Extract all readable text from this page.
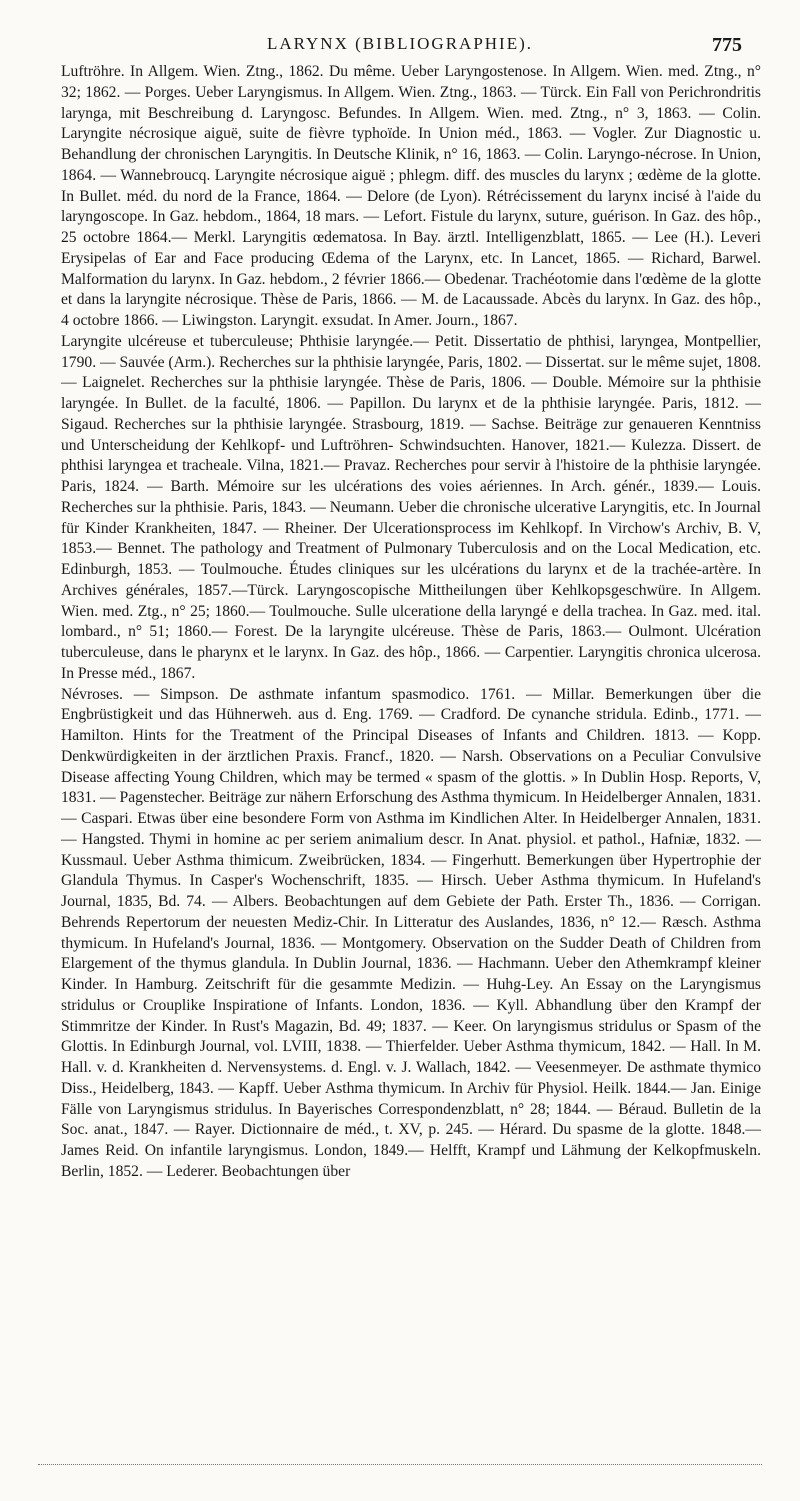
LARYNX (BIBLIOGRAPHIE).	775

Luftröhre. In Allgem. Wien. Ztng., 1862. Du même. Ueber Laryngostenose. In Allgem. Wien. med. Ztng., n° 32; 1862. — Porges. Ueber Laryngismus. In Allgem. Wien. Ztng., 1863. — Türck. Ein Fall von Perichrondritis larynga, mit Beschreibung d. Laryngosc. Befundes. In Allgem. Wien. med. Ztng., n° 3, 1863. — Colin. Laryngite nécrosique aiguë, suite de fièvre typhoïde. In Union méd., 1863. — Vogler. Zur Diagnostic u. Behandlung der chronischen Laryngitis. In Deutsche Klinik, n° 16, 1863. — Colin. Laryngo-nécrose. In Union, 1864. — Wannebroucq. Laryngite nécrosique aiguë ; phlegm. diff. des muscles du larynx ; œdème de la glotte. In Bullet. méd. du nord de la France, 1864. — Delore (de Lyon). Rétrécissement du larynx incisé à l'aide du laryngoscope. In Gaz. hebdom., 1864, 18 mars. — Lefort. Fistule du larynx, suture, guérison. In Gaz. des hôp., 25 octobre 1864.— Merkl. Laryngitis œdematosa. In Bay. ärztl. Intelligenzblatt, 1865. — Lee (H.). Leveri Erysipelas of Ear and Face producing Œdema of the Larynx, etc. In Lancet, 1865. — Richard, Barwel. Malformation du larynx. In Gaz. hebdom., 2 février 1866.— Obedenar. Trachéotomie dans l'œdème de la glotte et dans la laryngite nécrosique. Thèse de Paris, 1866. — M. de Lacaussade. Abcès du larynx. In Gaz. des hôp., 4 octobre 1866. — Liwingston. Laryngit. exsudat. In Amer. Journ., 1867.

Laryngite ulcéreuse et tuberculeuse; Phthisie laryngée.— Petit. Dissertatio de phthisi, laryngea, Montpellier, 1790. — Sauvée (Arm.). Recherches sur la phthisie laryngée, Paris, 1802. — Dissertat. sur le même sujet, 1808. — Laignelet. Recherches sur la phthisie laryngée. Thèse de Paris, 1806. — Double. Mémoire sur la phthisie laryngée. In Bullet. de la faculté, 1806. — Papillon. Du larynx et de la phthisie laryngée. Paris, 1812. — Sigaud. Recherches sur la phthisie laryngée. Strasbourg, 1819. — Sachse. Beiträge zur genaueren Kenntniss und Unterscheidung der Kehlkopf- und Luftröhren- Schwindsuchten. Hanover, 1821.— Kulezza. Dissert. de phthisi laryngea et tracheale. Vilna, 1821.— Pravaz. Recherches pour servir à l'histoire de la phthisie laryngée. Paris, 1824. — Barth. Mémoire sur les ulcérations des voies aériennes. In Arch. génér., 1839.— Louis. Recherches sur la phthisie. Paris, 1843. — Neumann. Ueber die chronische ulcerative Laryngitis, etc. In Journal für Kinder Krankheiten, 1847. — Rheiner. Der Ulcerationsprocess im Kehlkopf. In Virchow's Archiv, B. V, 1853.— Bennet. The pathology and Treatment of Pulmonary Tuberculosis and on the Local Medication, etc. Edinburgh, 1853. — Toulmouche. Études cliniques sur les ulcérations du larynx et de la trachée-artère. In Archives générales, 1857.—Türck. Laryngoscopische Mittheilungen über Kehlkopsgeschwüre. In Allgem. Wien. med. Ztg., n° 25; 1860.— Toulmouche. Sulle ulceratione della laryngé e della trachea. In Gaz. med. ital. lombard., n° 51; 1860.— Forest. De la laryngite ulcéreuse. Thèse de Paris, 1863.— Oulmont. Ulcération tuberculeuse, dans le pharynx et le larynx. In Gaz. des hôp., 1866. — Carpentier. Laryngitis chronica ulcerosa. In Presse méd., 1867.

Névroses. — Simpson. De asthmate infantum spasmodico. 1761. — Millar. Bemerkungen über die Engbrüstigkeit und das Hühnerweh. aus d. Eng. 1769. — Cradford. De cynanche stridula. Edinb., 1771. —Hamilton. Hints for the Treatment of the Principal Diseases of Infants and Children. 1813. — Kopp. Denkwürdigkeiten in der ärztlichen Praxis. Francf., 1820. — Narsh. Observations on a Peculiar Convulsive Disease affecting Young Children, which may be termed « spasm of the glottis. » In Dublin Hosp. Reports, V, 1831. — Pagenstecher. Beiträge zur nähern Erforschung des Asthma thymicum. In Heidelberger Annalen, 1831. — Caspari. Etwas über eine besondere Form von Asthma im Kindlichen Alter. In Heidelberger Annalen, 1831.— Hangsted. Thymi in homine ac per seriem animalium descr. In Anat. physiol. et pathol., Hafniæ, 1832. — Kussmaul. Ueber Asthma thimicum. Zweibrücken, 1834. — Fingerhutt. Bemerkungen über Hypertrophie der Glandula Thymus. In Casper's Wochenschrift, 1835. — Hirsch. Ueber Asthma thymicum. In Hufeland's Journal, 1835, Bd. 74. — Albers. Beobachtungen auf dem Gebiete der Path. Erster Th., 1836. — Corrigan. Behrends Repertorum der neuesten Mediz-Chir. In Litteratur des Auslandes, 1836, n° 12.— Ræsch. Asthma thymicum. In Hufeland's Journal, 1836. — Montgomery. Observation on the Sudder Death of Children from Elargement of the thymus glandula. In Dublin Journal, 1836. — Hachmann. Ueber den Athemkrampf kleiner Kinder. In Hamburg. Zeitschrift für die gesammte Medizin. — Huhg-Ley. An Essay on the Laryngismus stridulus or Crouplike Inspiratione of Infants. London, 1836. — Kyll. Abhandlung über den Krampf der Stimmritze der Kinder. In Rust's Magazin, Bd. 49; 1837. — Keer. On laryngismus stridulus or Spasm of the Glottis. In Edinburgh Journal, vol. LVIII, 1838. — Thierfelder. Ueber Asthma thymicum, 1842. — Hall. In M. Hall. v. d. Krankheiten d. Nervensystems. d. Engl. v. J. Wallach, 1842. — Veesenmeyer. De asthmate thymico Diss., Heidelberg, 1843. — Kapff. Ueber Asthma thymicum. In Archiv für Physiol. Heilk. 1844.— Jan. Einige Fälle von Laryngismus stridulus. In Bayerisches Correspondenzblatt, n° 28; 1844. — Béraud. Bulletin de la Soc. anat., 1847. — Rayer. Dictionnaire de méd., t. XV, p. 245. — Hérard. Du spasme de la glotte. 1848.— James Reid. On infantile laryngismus. London, 1849.— Helfft, Krampf und Lähmung der Kelkopfmuskeln. Berlin, 1852. — Lederer. Beobachtungen über
